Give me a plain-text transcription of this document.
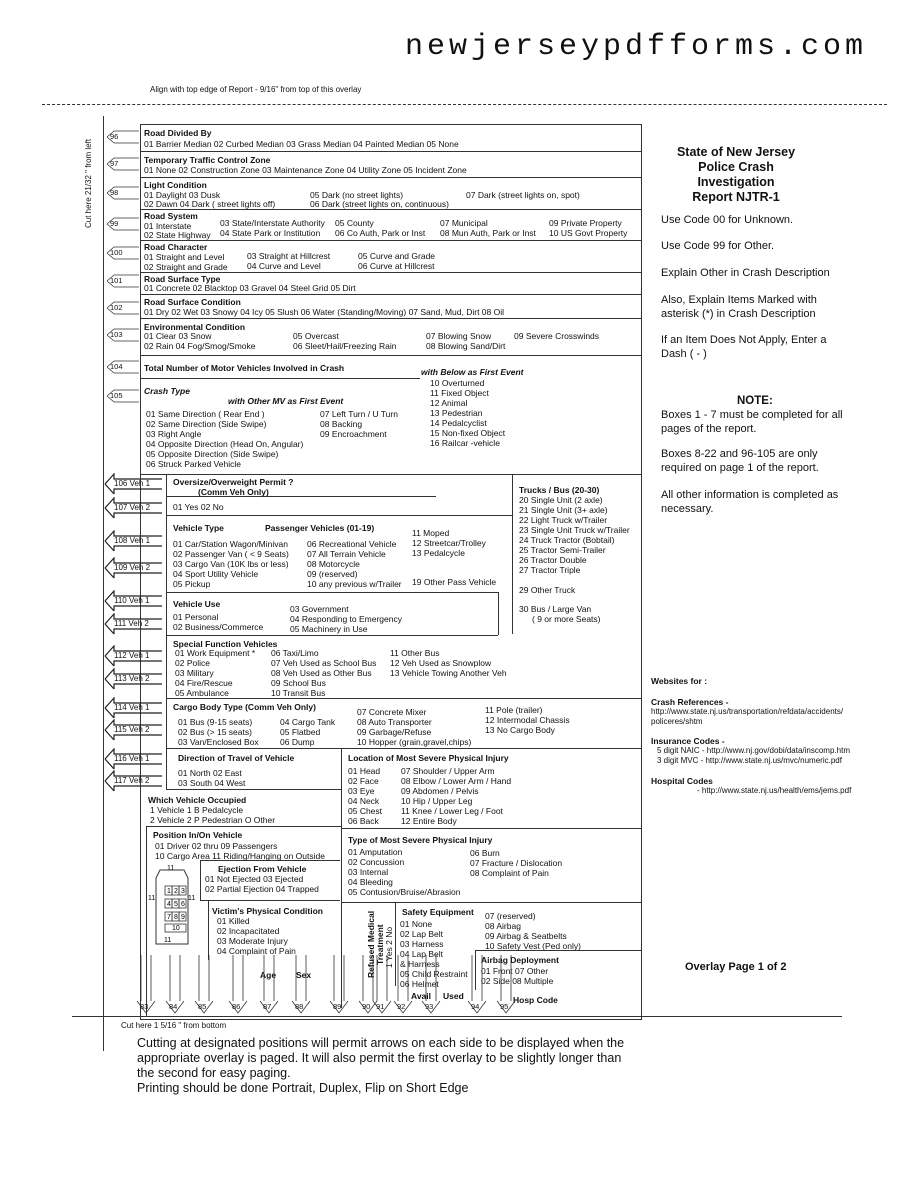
newjerseypdfforms.com
Align with top edge of Report - 9/16" from top of this overlay
Cut here 21/32 " from left
Road Divided By
01 Barrier Median 02 Curbed Median 03 Grass Median 04 Painted Median 05 None
Temporary Traffic Control Zone
01 None 02 Construction Zone 03 Maintenance Zone 04 Utility Zone 05 Incident Zone
Light Condition
01 Daylight 03 Dusk	05 Dark (no street lights)	07 Dark (street lights on, spot)
02 Dawn 04 Dark ( street lights off)	06 Dark (street lights on, continuous)
Road System
01 Interstate	03 State/Interstate Authority 05 County	07 Municipal	09 Private Property
02 State Highway 04 State Park or Institution 06 Co Auth, Park or Inst 08 Mun Auth, Park or Inst 10 US Govt Property
Road Character
01 Straight and Level	03 Straight at Hillcrest	05 Curve and Grade
02 Straight and Grade 04 Curve and Level	06 Curve at Hillcrest
Road Surface Type
01 Concrete 02 Blacktop 03 Gravel 04 Steel Grid 05 Dirt
Road Surface Condition
01 Dry 02 Wet 03 Snowy 04 Icy 05 Slush 06 Water (Standing/Moving) 07 Sand, Mud, Dirt 08 Oil
Environmental Condition
01 Clear 03 Snow	05 Overcast	07 Blowing Snow	09 Severe Crosswinds
02 Rain 04 Fog/Smog/Smoke	06 Sleet/Hail/Freezing Rain	08 Blowing Sand/Dirt
Total Number of Motor Vehicles Involved in Crash	with Below as First Event
Crash Type
with Other MV as First Event
01 Same Direction ( Rear End )
02 Same Direction (Side Swipe)
03 Right Angle
04 Opposite Direction (Head On, Angular)
05 Opposite Direction (Side Swipe)
06 Struck Parked Vehicle
07 Left Turn / U Turn
08 Backing
09 Encroachment
10 Overturned
11 Fixed Object
12 Animal
13 Pedestrian
14 Pedalcyclist
15 Non-fixed Object
16 Railcar -vehicle
96
97
98
99
100
101
102
103
104
105
106 Veh 1
107 Veh 2
108 Veh 1
109 Veh 2
110 Veh 1
111 Veh 2
112 Veh 1
113 Veh 2
114 Veh 1
115 Veh 2
116 Veh 1
117 Veh 2
Oversize/Overweight Permit ?
(Comm Veh Only)
01 Yes 02 No
Trucks / Bus (20-30)
20 Single Unit (2 axle)
21 Single Unit (3+ axle)
22 Light Truck w/Trailer
23 Single Unit Truck w/Trailer
24 Truck Tractor (Bobtail)
25 Tractor Semi-Trailer
26 Tractor Double
27 Tractor Triple
29 Other Truck
30 Bus / Large Van
( 9 or more Seats)
Vehicle Type	Passenger Vehicles (01-19)
01 Car/Station Wagon/Minivan
02 Passenger Van ( < 9 Seats)
03 Cargo Van (10K lbs or less)
04 Sport Utility Vehicle
05 Pickup
06 Recreational Vehicle
07 All Terrain Vehicle
08 Motorcycle
09 (reserved)
10 any previous w/Trailer
11 Moped
12 Streetcar/Trolley
13 Pedalcycle
19 Other Pass Vehicle
Vehicle Use
01 Personal
02 Business/Commerce
03 Government
04 Responding to Emergency
05 Machinery in Use
Special Function Vehicles
01 Work Equipment *
02 Police
03 Military
04 Fire/Rescue
05 Ambulance
06 Taxi/Limo
07 Veh Used as School Bus
08 Veh Used as Other Bus
09 School Bus
10 Transit Bus
11 Other Bus
12 Veh Used as Snowplow
13 Vehicle Towing Another Veh
Cargo Body Type (Comm Veh Only)
01 Bus (9-15 seats)
02 Bus (> 15 seats)
03 Van/Enclosed Box
04 Cargo Tank
05 Flatbed
06 Dump
07 Concrete Mixer
08 Auto Transporter
09 Garbage/Refuse
10 Hopper (grain,gravel,chips)
11 Pole (trailer)
12 Intermodal Chassis
13 No Cargo Body
Direction of Travel of Vehicle
01 North 02 East
03 South 04 West
Which Vehicle Occupied
1 Vehicle 1 B Pedalcycle
2 Vehicle 2 P Pedestrian O Other
Position In/On Vehicle
01 Driver 02 thru 09 Passengers
10 Cargo Area 11 Riding/Hanging on Outside
Ejection From Vehicle
01 Not Ejected 03 Ejected
02 Partial Ejection 04 Trapped
Victim's Physical Condition
01 Killed
02 Incapacitated
03 Moderate Injury
04 Complaint of Pain
Age Sex
11
1 2 3
4 5 6
7 8 9
10
11	11
11
Location of Most Severe Physical Injury
01 Head
02 Face
03 Eye
04 Neck
05 Chest
06 Back
07 Shoulder / Upper Arm
08 Elbow / Lower Arm / Hand
09 Abdomen / Pelvis
10 Hip / Upper Leg
11 Knee / Lower Leg / Foot
12 Entire Body
Type of Most Severe Physical Injury
01 Amputation
02 Concussion
03 Internal
04 Bleeding
05 Contusion/Bruise/Abrasion
06 Burn
07 Fracture / Dislocation
08 Complaint of Pain
Refused Medical Treatment 1 Yes 2 No
Safety Equipment
01 None
02 Lap Belt
03 Harness
04 Lap Belt
& Harness
05 Child Restraint
06 Helmet
07 (reserved)
08 Airbag
09 Airbag & Seatbelts
10 Safety Vest (Ped only)
Airbag Deployment
01 Front 07 Other
02 Side 08 Multiple
Avail Used	Hosp Code
83	84	85	86	87	88	89	90 91 92	93	94	95
Cut here 1 5/16 " from bottom
Cutting at designated positions will permit arrows on each side to be displayed when the
appropriate overlay is paged. It will also permit the first overlay to be slightly longer than
the second for easy paging.
Printing should be done Portrait, Duplex, Flip on Short Edge
State of New Jersey
Police Crash
Investigation
Report NJTR-1
Use Code 00 for Unknown.
Use Code 99 for Other.
Explain Other in Crash Description
Also, Explain Items Marked with
asterisk (*) in Crash Description
If an Item Does Not Apply, Enter a
Dash ( - )
NOTE:
Boxes 1 - 7 must be completed for all
pages of the report.
Boxes 8-22 and 96-105 are only
required on page 1 of the report.
All other information is completed as
necessary.
Websites for :
Crash References -
http://www.state.nj.us/transportation/refdata/accidents/
policeres/shtm
Insurance Codes -
5 digit NAIC - http://www.nj.gov/dobi/data/inscomp.htm
3 digit MVC - http://www.state.nj.us/mvc/numeric.pdf
Hospital Codes
- http://www.state.nj.us/health/ems/jems.pdf
Overlay Page 1 of 2
